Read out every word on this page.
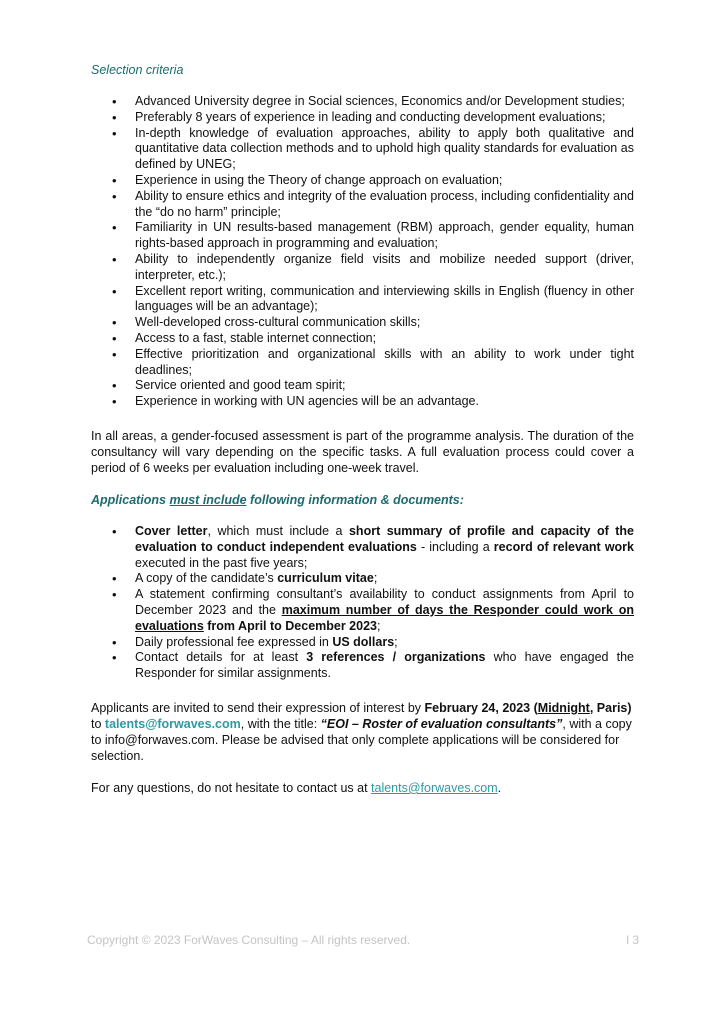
Selection criteria

• Advanced University degree in Social sciences, Economics and/or Development studies;
• Preferably 8 years of experience in leading and conducting development evaluations;
• In-depth knowledge of evaluation approaches, ability to apply both qualitative and quantitative data collection methods and to uphold high quality standards for evaluation as defined by UNEG;
• Experience in using the Theory of change approach on evaluation;
• Ability to ensure ethics and integrity of the evaluation process, including confidentiality and the “do no harm” principle;
• Familiarity in UN results-based management (RBM) approach, gender equality, human rights-based approach in programming and evaluation;
• Ability to independently organize field visits and mobilize needed support (driver, interpreter, etc.);
• Excellent report writing, communication and interviewing skills in English (fluency in other languages will be an advantage);
• Well-developed cross-cultural communication skills;
• Access to a fast, stable internet connection;
• Effective prioritization and organizational skills with an ability to work under tight deadlines;
• Service oriented and good team spirit;
• Experience in working with UN agencies will be an advantage.

In all areas, a gender-focused assessment is part of the programme analysis. The duration of the consultancy will vary depending on the specific tasks. A full evaluation process could cover a period of 6 weeks per evaluation including one-week travel.

Applications must include following information & documents:

• Cover letter, which must include a short summary of profile and capacity of the evaluation to conduct independent evaluations - including a record of relevant work executed in the past five years;
• A copy of the candidate’s curriculum vitae;
• A statement confirming consultant’s availability to conduct assignments from April to December 2023 and the maximum number of days the Responder could work on evaluations from April to December 2023;
• Daily professional fee expressed in US dollars;
• Contact details for at least 3 references / organizations who have engaged the Responder for similar assignments.

Applicants are invited to send their expression of interest by February 24, 2023 (Midnight, Paris) to talents@forwaves.com, with the title: “EOI – Roster of evaluation consultants”, with a copy to info@forwaves.com. Please be advised that only complete applications will be considered for selection.

For any questions, do not hesitate to contact us at talents@forwaves.com.

Copyright © 2023 ForWaves Consulting – All rights reserved.	l 3
